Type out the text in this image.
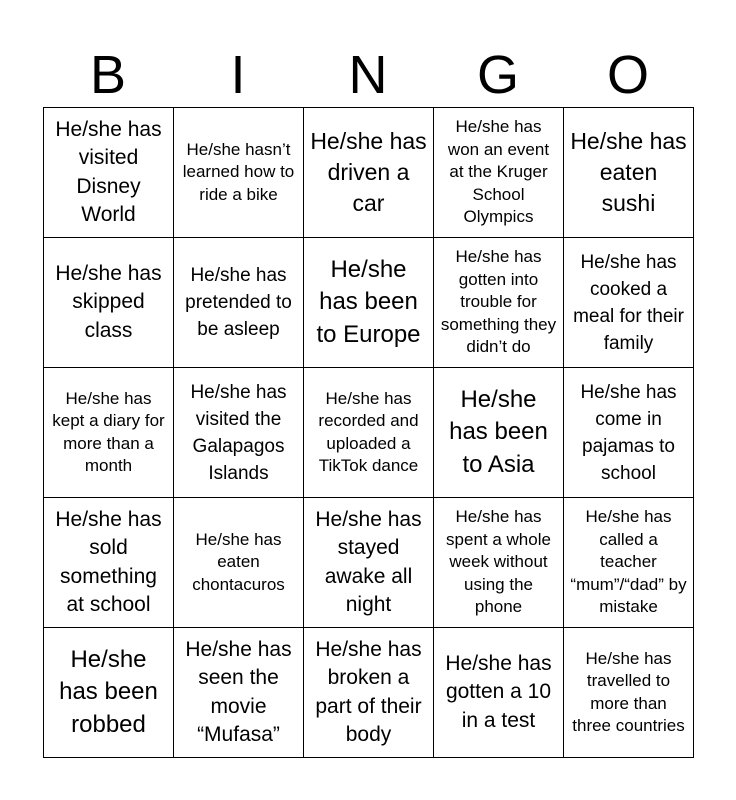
B	I	N	G	O
He/she has visited Disney World	He/she hasn’t learned how to ride a bike	He/she has driven a car	He/she has won an event at the Kruger School Olympics	He/she has eaten sushi

He/she has skipped class	He/she has pretended to be asleep	He/she has been to Europe	He/she has gotten into trouble for something they didn’t do	He/she has cooked a meal for their family

He/she has kept a diary for more than a month	He/she has visited the Galapagos Islands	He/she has recorded and uploaded a TikTok dance	He/she has been to Asia	He/she has come in pajamas to school

He/she has sold something at school	He/she has eaten chontacuros	He/she has stayed awake all night	He/she has spent a whole week without using the phone	He/she has called a teacher “mum”/“dad” by mistake

He/she has been robbed	He/she has seen the movie “Mufasa”	He/she has broken a part of their body	He/she has gotten a 10 in a test	He/she has travelled to more than three countries
